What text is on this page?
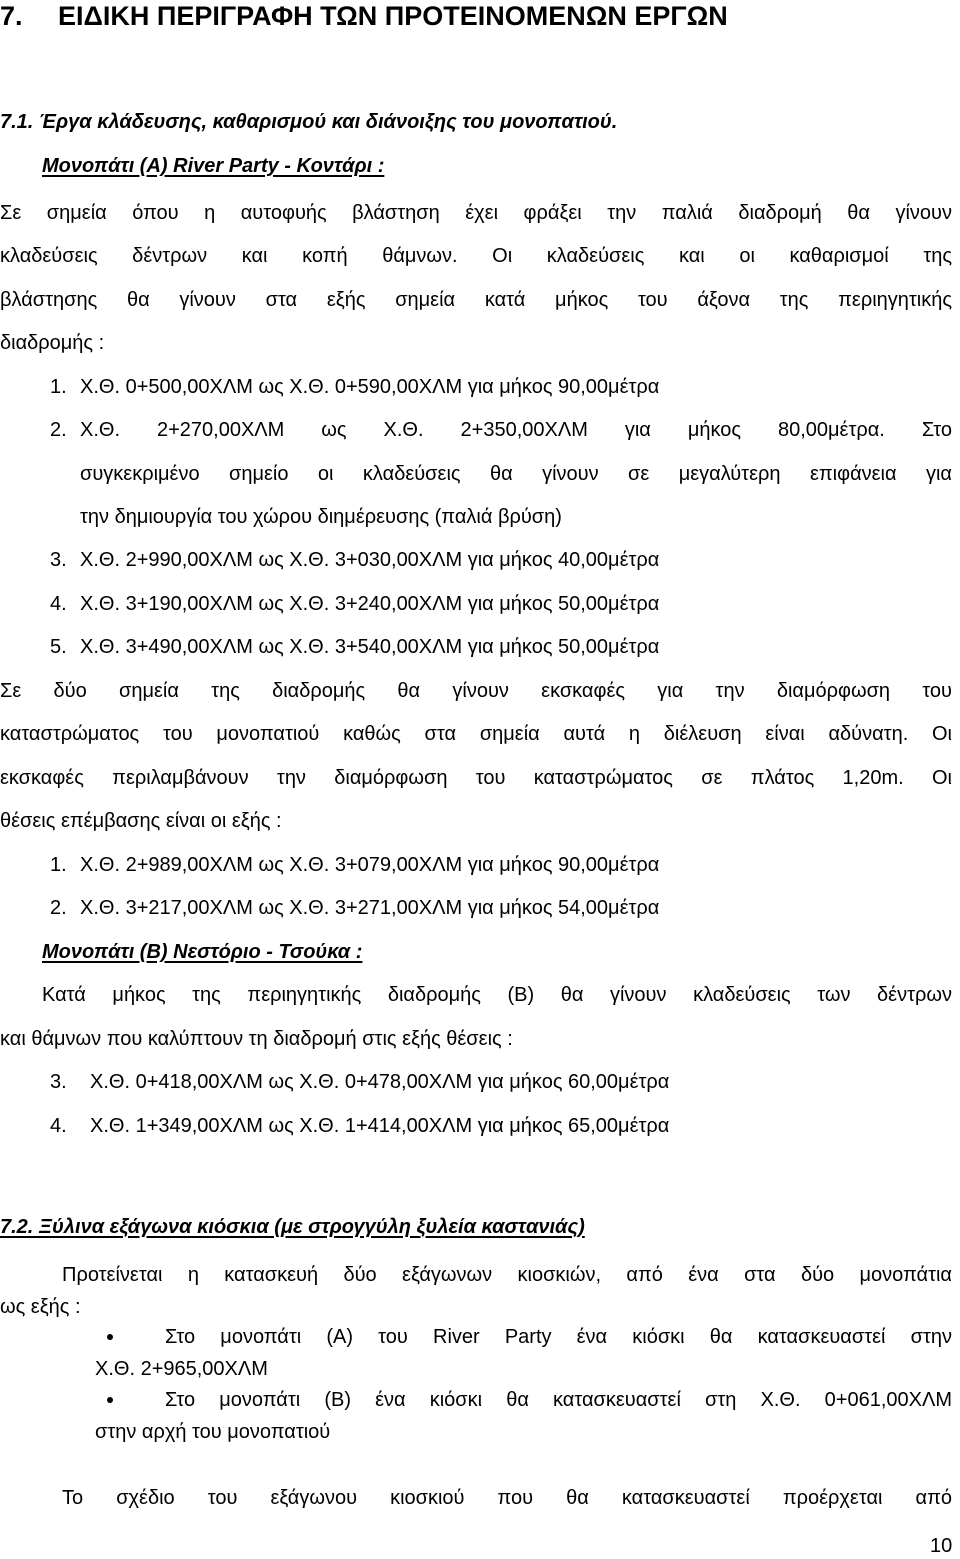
7. ΕΙΔΙΚΗ ΠΕΡΙΓΡΑΦΗ ΤΩΝ ΠΡΟΤΕΙΝΟΜΕΝΩΝ ΕΡΓΩΝ
7.1. Έργα κλάδευσης, καθαρισμού και διάνοιξης του μονοπατιού.
Μονοπάτι (Α) River Party - Κοντάρι :
Σε σημεία όπου η αυτοφυής βλάστηση έχει φράξει την παλιά διαδρομή θα γίνουν
κλαδεύσεις δέντρων και κοπή θάμνων. Οι κλαδεύσεις και οι καθαρισμοί της
βλάστησης θα γίνουν στα εξής σημεία κατά μήκος του άξονα της περιηγητικής
διαδρομής :
1. Χ.Θ. 0+500,00ΧΛΜ ως Χ.Θ. 0+590,00ΧΛΜ για μήκος 90,00μέτρα
2. Χ.Θ. 2+270,00ΧΛΜ ως Χ.Θ. 2+350,00ΧΛΜ για μήκος 80,00μέτρα. Στο
συγκεκριμένο σημείο οι κλαδεύσεις θα γίνουν σε μεγαλύτερη επιφάνεια για
την δημιουργία του χώρου διημέρευσης (παλιά βρύση)
3. Χ.Θ. 2+990,00ΧΛΜ ως Χ.Θ. 3+030,00ΧΛΜ για μήκος 40,00μέτρα
4. Χ.Θ. 3+190,00ΧΛΜ ως Χ.Θ. 3+240,00ΧΛΜ για μήκος 50,00μέτρα
5. Χ.Θ. 3+490,00ΧΛΜ ως Χ.Θ. 3+540,00ΧΛΜ για μήκος 50,00μέτρα
Σε δύο σημεία της διαδρομής θα γίνουν εκσκαφές για την διαμόρφωση του
καταστρώματος του μονοπατιού καθώς στα σημεία αυτά η διέλευση είναι αδύνατη. Οι
εκσκαφές περιλαμβάνουν την διαμόρφωση του καταστρώματος σε πλάτος 1,20m. Οι
θέσεις επέμβασης είναι οι εξής :
1. Χ.Θ. 2+989,00ΧΛΜ ως Χ.Θ. 3+079,00ΧΛΜ για μήκος 90,00μέτρα
2. Χ.Θ. 3+217,00ΧΛΜ ως Χ.Θ. 3+271,00ΧΛΜ για μήκος 54,00μέτρα
Μονοπάτι (Β) Νεστόριο - Τσούκα :
Κατά μήκος της περιηγητικής διαδρομής (Β) θα γίνουν κλαδεύσεις των δέντρων
και θάμνων που καλύπτουν τη διαδρομή στις εξής θέσεις :
3. Χ.Θ. 0+418,00ΧΛΜ ως Χ.Θ. 0+478,00ΧΛΜ για μήκος 60,00μέτρα
4. Χ.Θ. 1+349,00ΧΛΜ ως Χ.Θ. 1+414,00ΧΛΜ για μήκος 65,00μέτρα
7.2. Ξύλινα εξάγωνα κιόσκια (με στρογγύλη ξυλεία καστανιάς)
Προτείνεται η κατασκευή δύο εξάγωνων κιοσκιών, από ένα στα δύο μονοπάτια
ως εξής :
Στο μονοπάτι (Α) του River Party ένα κιόσκι θα κατασκευαστεί στην
Χ.Θ. 2+965,00ΧΛΜ
Στο μονοπάτι (Β) ένα κιόσκι θα κατασκευαστεί στη Χ.Θ. 0+061,00ΧΛΜ
στην αρχή του μονοπατιού
Το σχέδιο του εξάγωνου κιοσκιού που θα κατασκευαστεί προέρχεται από
10
